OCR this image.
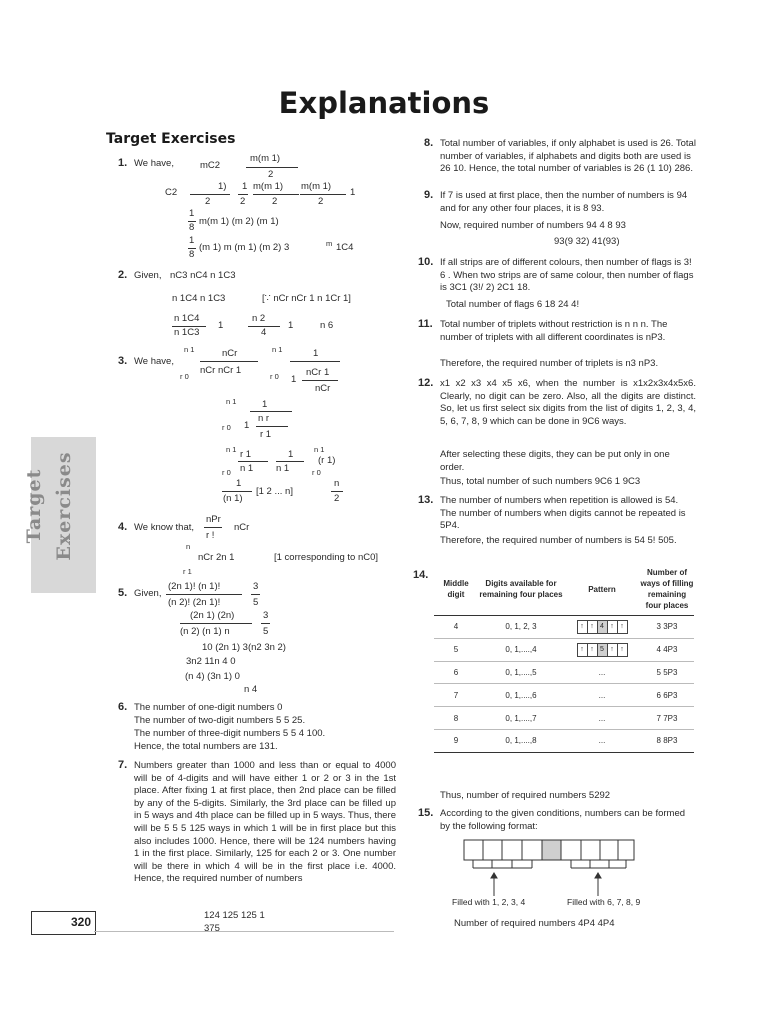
Explanations
Target Exercises
Target Exercises
320
1. We have,	mC2
m(m 1)
2
C2
1) 1 m(m 1) m(m 1)
1
2	2	2	2
1
8
m(m 1) (m 2) (m 1)
1
8
(m 1) m (m 1) (m 2) 3	m 1C4
2. Given, nC3 nC4 n 1C3
n 1C4 n 1C3	[∵ nCr nCr 1 n 1Cr 1]
n 1C4
n 1C3
1
n 2
4
1	n 6
3. We have,
n 1
r 0
nCr
nCr nCr 1
n 1
r 0 1
1
nCr 1
nCr
n 1
r 0 1
1
n r
r 1
n 1
r 0
r 1
n 1
1
n 1
n 1
r 0
(r 1)
1
(n 1)
[1 2 ... n]
n
2
4. We know that,
nPr
r !
nCr
n
r 1
nCr 2n 1	[1 corresponding to nC0]
5. Given,
(2n 1)! (n 1)!
(n 2)! (2n 1)!
3
5
(2n 1) (2n)
(n 2) (n 1) n
3
5
10 (2n 1) 3(n2 3n 2)
3n2 11n 4 0
(n 4) (3n 1) 0
n 4
6. The number of one-digit numbers 0
The number of two-digit numbers 5 5 25.
The number of three-digit numbers 5 5 4 100.
Hence, the total numbers are 131.
7. Numbers greater than 1000 and less than or equal to 4000 will be of 4-digits and will have either 1 or 2 or 3 in the 1st place. After fixing 1 at first place, then 2nd place can be filled by any of the 5-digits. Similarly, the 3rd place can be filled up in 5 ways and 4th place can be filled up in 5 ways. Thus, there will be 5 5 5 125 ways in which 1 will be in first place but this also includes 1000. Hence, there will be 124 numbers having 1 in the first place. Similarly, 125 for each 2 or 3. One number will be there in which 4 will be in the first place i.e. 4000. Hence, the required number of numbers
124 125 125 1
375
8. Total number of variables, if only alphabet is used is 26. Total number of variables, if alphabets and digits both are used is 26 10. Hence, the total number of variables is 26 (1 10) 286.
9. If 7 is used at first place, then the number of numbers is 94 and for any other four places, it is 8 93.
Now, required number of numbers 94 4 8 93
93(9 32) 41(93)
10. If all strips are of different colours, then number of flags is 3! 6 . When two strips are of same colour, then number of flags is 3C1 (3!/ 2) 2C1 18.
Total number of flags 6 18 24 4!
11. Total number of triplets without restriction is n n n. The number of triplets with all different coordinates is nP3.
Therefore, the required number of triplets is n3 nP3.
12. x1 x2 x3 x4 x5 x6, when the number is x1x2x3x4x5x6. Clearly, no digit can be zero. Also, all the digits are distinct. So, let us first select six digits from the list of digits 1, 2, 3, 4, 5, 6, 7, 8, 9 which can be done in 9C6 ways.
After selecting these digits, they can be put only in one order.
Thus, total number of such numbers 9C6 1 9C3
13. The number of numbers when repetition is allowed is 54. The number of numbers when digits cannot be repeated is 5P4.
Therefore, the required number of numbers is 54 5! 505.
14.
Middle digit	Digits available for remaining four places	Pattern	Number of ways of filling remaining four places
4	0, 1, 2, 3	↑ ↑ 4 ↑ ↑	3 3P3
5	0, 1,....,4	↑ ↑ 5 ↑ ↑	4 4P3
6	0, 1,....,5	...	5 5P3
7	0, 1,....,6	...	6 6P3
8	0, 1,....,7	...	7 7P3
9	0, 1,....,8	...	8 8P3
Thus, number of required numbers 5292
15. According to the given conditions, numbers can be formed by the following format:
Filled with 1, 2, 3, 4	Filled with 6, 7, 8, 9
Number of required numbers 4P4 4P4
